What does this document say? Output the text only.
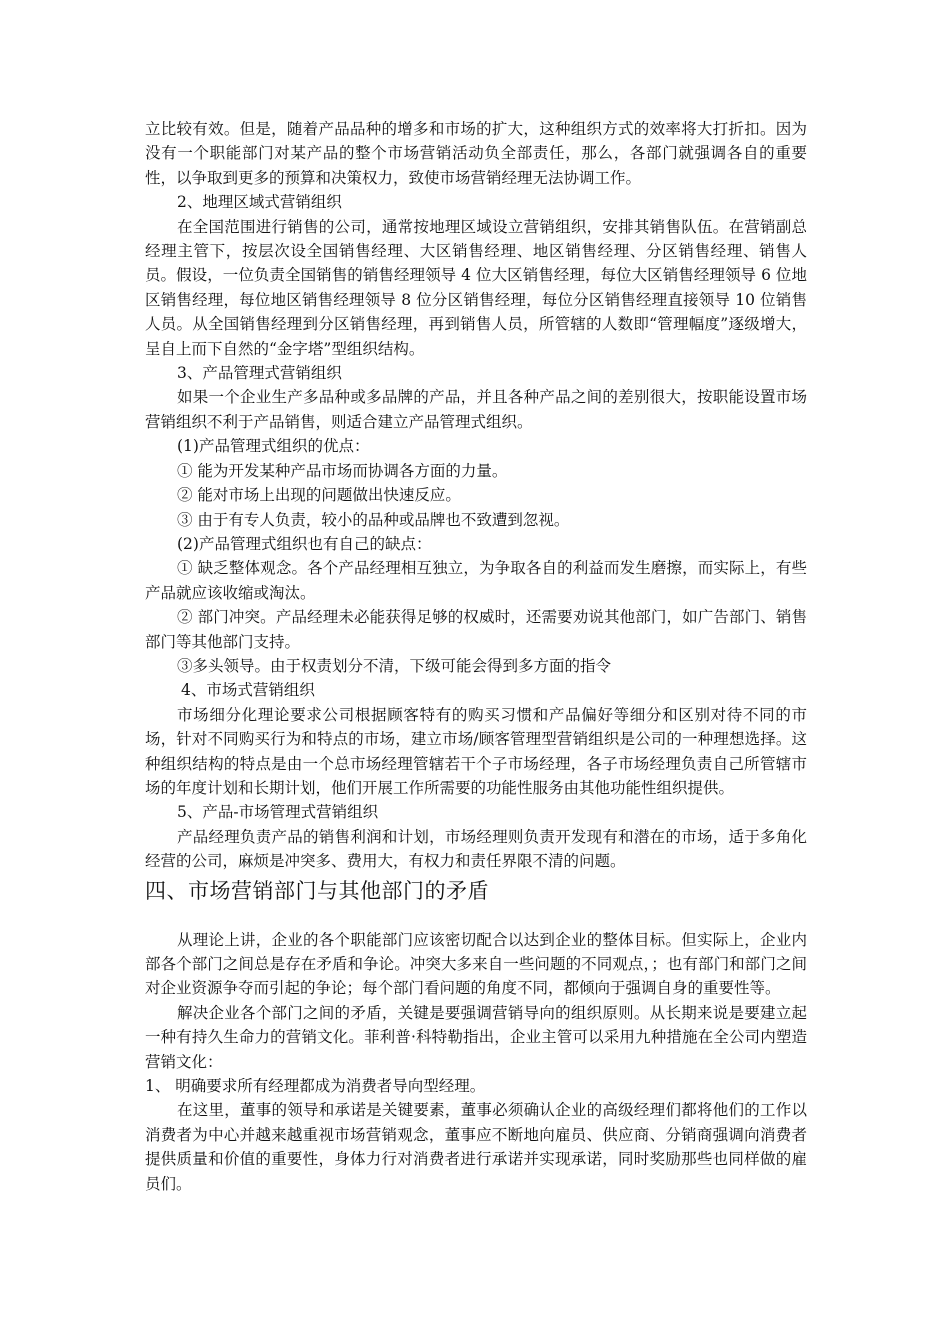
立比较有效。但是，随着产品品种的增多和市场的扩大，这种组织方式的效率将大打折扣。因为没有一个职能部门对某产品的整个市场营销活动负全部责任，那么，各部门就强调各自的重要性，以争取到更多的预算和决策权力，致使市场营销经理无法协调工作。

2、地理区域式营销组织

在全国范围进行销售的公司，通常按地理区域设立营销组织，安排其销售队伍。在营销副总经理主管下，按层次设全国销售经理、大区销售经理、地区销售经理、分区销售经理、销售人员。假设，一位负责全国销售的销售经理领导 4 位大区销售经理，每位大区销售经理领导 6 位地区销售经理，每位地区销售经理领导 8 位分区销售经理，每位分区销售经理直接领导 10 位销售人员。从全国销售经理到分区销售经理，再到销售人员，所管辖的人数即“管理幅度”逐级增大，呈自上而下自然的“金字塔”型组织结构。

3、产品管理式营销组织

如果一个企业生产多品种或多品牌的产品，并且各种产品之间的差别很大，按职能设置市场营销组织不利于产品销售，则适合建立产品管理式组织。

(1)产品管理式组织的优点：

① 能为开发某种产品市场而协调各方面的力量。

② 能对市场上出现的问题做出快速反应。

③ 由于有专人负责，较小的品种或品牌也不致遭到忽视。

(2)产品管理式组织也有自己的缺点：

① 缺乏整体观念。各个产品经理相互独立，为争取各自的利益而发生磨擦，而实际上，有些产品就应该收缩或淘汰。

② 部门冲突。产品经理未必能获得足够的权威时，还需要劝说其他部门，如广告部门、销售部门等其他部门支持。

③多头领导。由于权责划分不清，下级可能会得到多方面的指令

4、市场式营销组织

市场细分化理论要求公司根据顾客特有的购买习惯和产品偏好等细分和区别对待不同的市场，针对不同购买行为和特点的市场，建立市场/顾客管理型营销组织是公司的一种理想选择。这种组织结构的特点是由一个总市场经理管辖若干个子市场经理，各子市场经理负责自己所管辖市场的年度计划和长期计划，他们开展工作所需要的功能性服务由其他功能性组织提供。

5、产品-市场管理式营销组织

产品经理负责产品的销售利润和计划，市场经理则负责开发现有和潜在的市场，适于多角化经营的公司，麻烦是冲突多、费用大，有权力和责任界限不清的问题。

四、市场营销部门与其他部门的矛盾

从理论上讲，企业的各个职能部门应该密切配合以达到企业的整体目标。但实际上，企业内部各个部门之间总是存在矛盾和争论。冲突大多来自一些问题的不同观点，；也有部门和部门之间对企业资源争夺而引起的争论；每个部门看问题的角度不同，都倾向于强调自身的重要性等。

解决企业各个部门之间的矛盾，关键是要强调营销导向的组织原则。从长期来说是要建立起一种有持久生命力的营销文化。菲利普·科特勒指出，企业主管可以采用九种措施在全公司内塑造营销文化：

1、 明确要求所有经理都成为消费者导向型经理。

在这里，董事的领导和承诺是关键要素，董事必须确认企业的高级经理们都将他们的工作以消费者为中心并越来越重视市场营销观念，董事应不断地向雇员、供应商、分销商强调向消费者提供质量和价值的重要性，身体力行对消费者进行承诺并实现承诺，同时奖励那些也同样做的雇员们。
